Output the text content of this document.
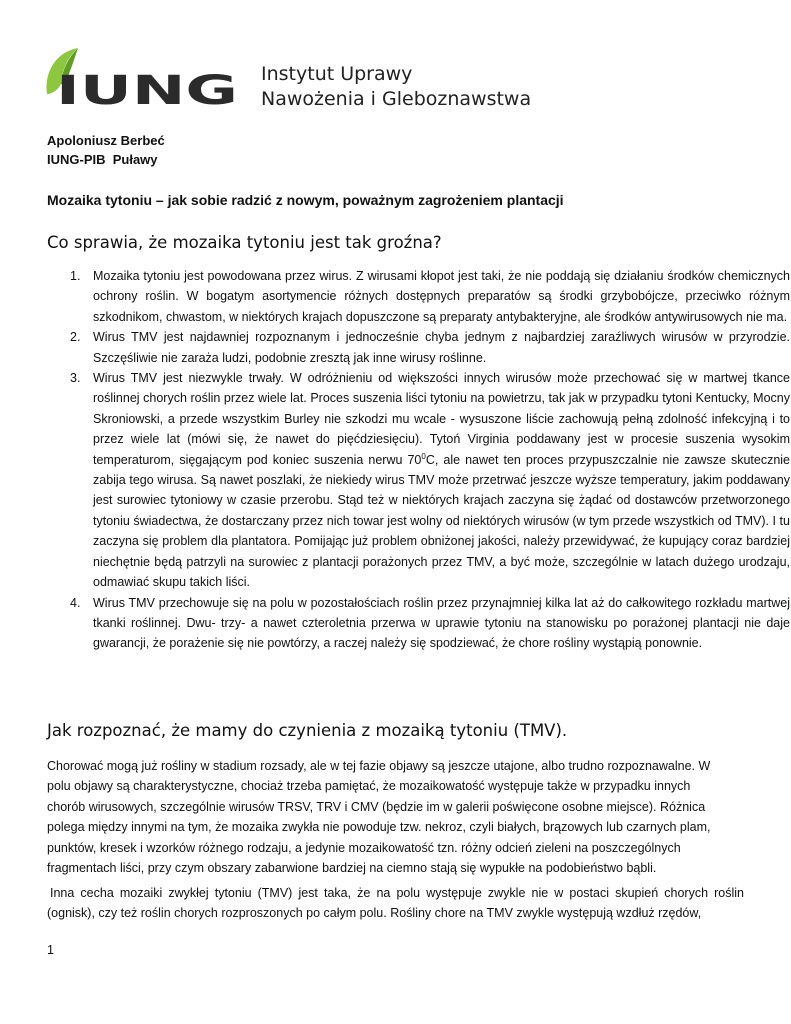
IUNG Instytut Uprawy
Nawożenia i Gleboznawstwa
Apoloniusz Berbeć
IUNG-PIB  Puławy
Mozaika tytoniu – jak sobie radzić z nowym, poważnym zagrożeniem plantacji
Co sprawia, że mozaika tytoniu jest tak groźna?
Mozaika tytoniu jest powodowana przez wirus. Z wirusami kłopot jest taki, że nie poddają się działaniu środków chemicznych ochrony roślin. W bogatym asortymencie różnych dostępnych preparatów są środki grzybobójcze, przeciwko różnym szkodnikom, chwastom, w niektórych krajach dopuszczone są preparaty antybakteryjne, ale środków antywirusowych nie ma.
Wirus TMV jest najdawniej rozpoznanym i jednocześnie chyba jednym z najbardziej zaraźliwych wirusów w przyrodzie. Szczęśliwie nie zaraża ludzi, podobnie zresztą jak inne wirusy roślinne.
Wirus TMV jest niezwykle trwały. W odróżnieniu od większości innych wirusów może przechować się w martwej tkance roślinnej chorych roślin przez wiele lat. Proces suszenia liści tytoniu na powietrzu, tak jak w przypadku tytoni Kentucky, Mocny Skroniowski, a przede wszystkim Burley nie szkodzi mu wcale - wysuszone liście zachowują pełną zdolność infekcyjną i to przez wiele lat (mówi się, że nawet do pięćdziesięciu). Tytoń Virginia poddawany jest w procesie suszenia wysokim temperaturom, sięgającym pod koniec suszenia nerwu $70^0C$, ale nawet ten proces przypuszczalnie nie zawsze skutecznie zabija tego wirusa. Są nawet poszlaki, że niekiedy wirus TMV może przetrwać jeszcze wyższe temperatury, jakim poddawany jest surowiec tytoniowy w czasie przerobu. Stąd też w niektórych krajach zaczyna się żądać od dostawców przetworzonego tytoniu świadectwa, że dostarczany przez nich towar jest wolny od niektórych wirusów (w tym przede wszystkich od TMV). I tu zaczyna się problem dla plantatora. Pomijając już problem obniżonej jakości, należy przewidywać, że kupujący coraz bardziej niechętnie będą patrzyli na surowiec z plantacji porażonych przez TMV, a być może, szczególnie w latach dużego urodzaju, odmawiać skupu takich liści.
Wirus TMV przechowuje się na polu w pozostałościach roślin przez przynajmniej kilka lat aż do całkowitego rozkładu martwej tkanki roślinnej. Dwu- trzy- a nawet czteroletnia przerwa w uprawie tytoniu na stanowisku po porażonej plantacji nie daje gwarancji, że porażenie się nie powtórzy, a raczej należy się spodziewać, że chore rośliny wystąpią ponownie.
Jak rozpoznać, że mamy do czynienia z mozaiką tytoniu (TMV).
Chorować mogą już rośliny w stadium rozsady, ale w tej fazie objawy są jeszcze utajone, albo trudno rozpoznawalne. W
polu objawy są charakterystyczne, chociaż trzeba pamiętać, że mozaikowatość występuje także w przypadku innych
chorób wirusowych, szczególnie wirusów TRSV, TRV i CMV (będzie im w galerii poświęcone osobne miejsce). Różnica
polega między innymi na tym, że mozaika zwykła nie powoduje tzw. nekroz, czyli białych, brązowych lub czarnych plam,
punktów, kresek i wzorków różnego rodzaju, a jedynie mozaikowatość tzn. różny odcień zieleni na poszczególnych
fragmentach liści, przy czym obszary zabarwione bardziej na ciemno stają się wypukłe na podobieństwo bąbli.

Inna cecha mozaiki zwykłej tytoniu (TMV) jest taka, że na polu występuje zwykle nie w postaci skupień chorych roślin (ognisk), czy też roślin chorych rozproszonych po całym polu. Rośliny chore na TMV zwykle występują wzdłuż rzędów,

1
